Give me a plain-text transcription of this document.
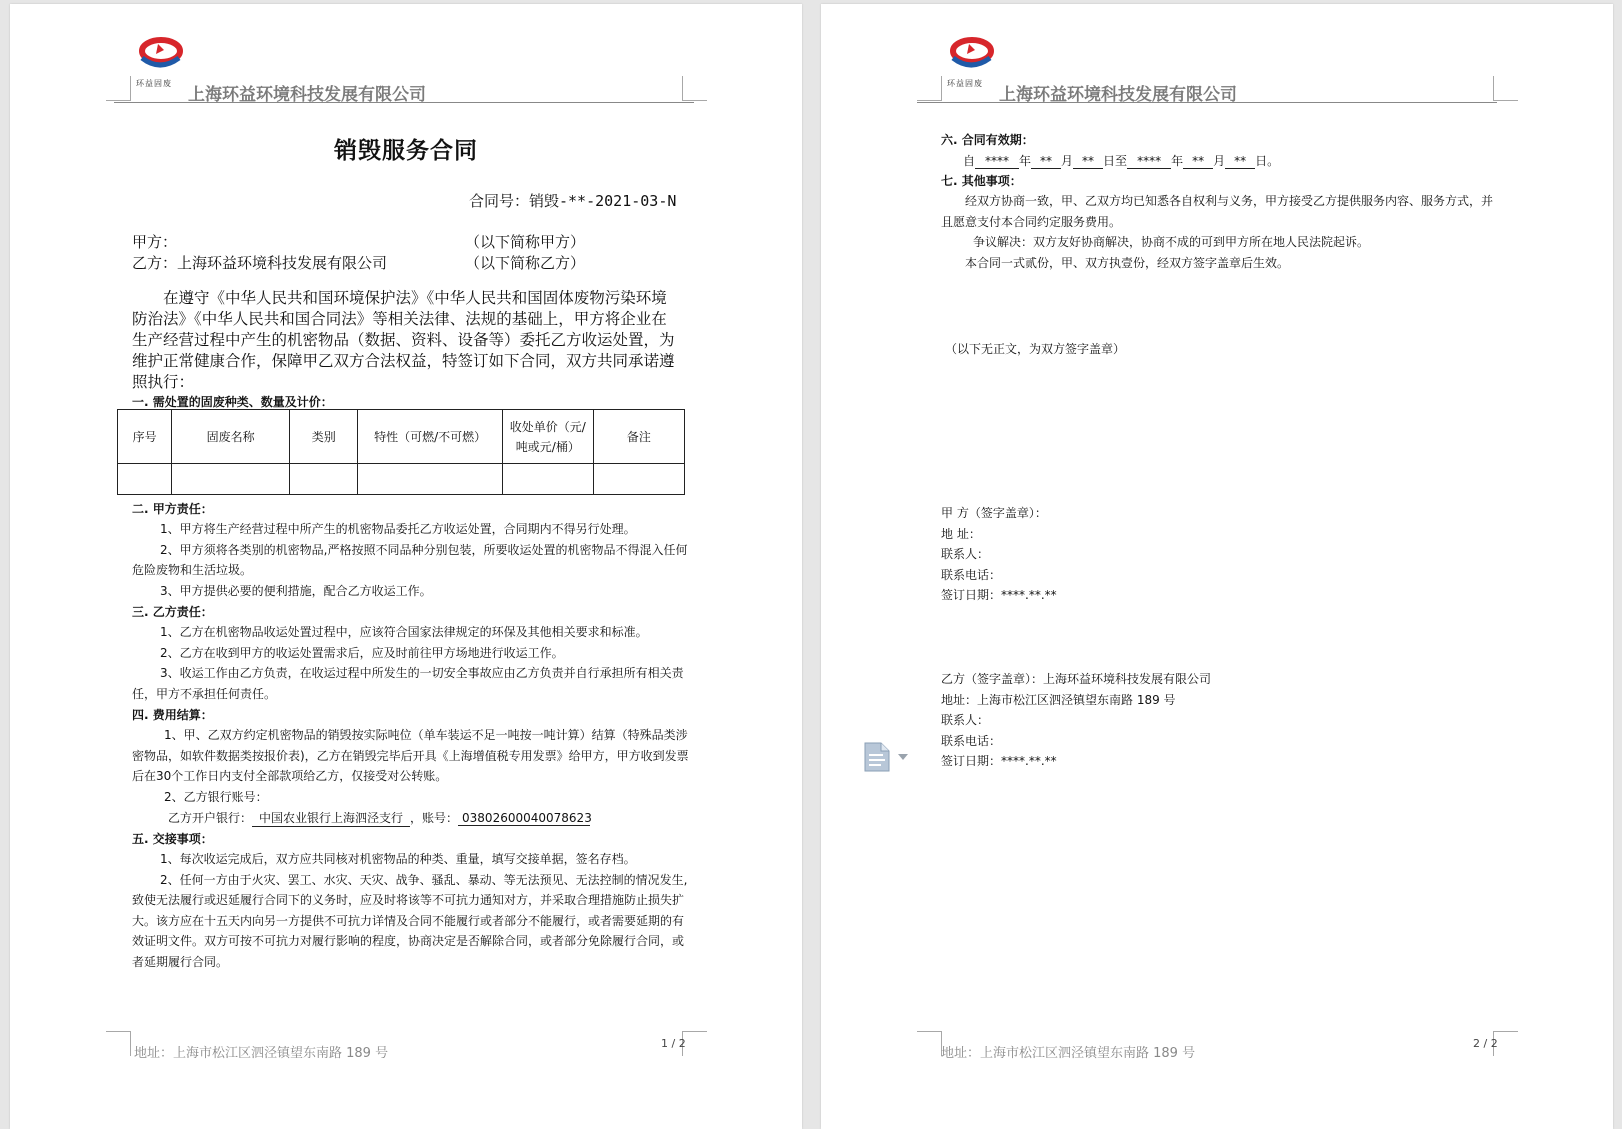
环益固废
上海环益环境科技发展有限公司
销毁服务合同
合同号：销毁-**-2021-03-N
甲方：	（以下简称甲方）
乙方：上海环益环境科技发展有限公司	（以下简称乙方）
在遵守《中华人民共和国环境保护法》《中华人民共和国固体废物污染环境
防治法》《中华人民共和国合同法》等相关法律、法规的基础上，甲方将企业在
生产经营过程中产生的机密物品（数据、资料、设备等）委托乙方收运处置，为
维护正常健康合作，保障甲乙双方合法权益，特签订如下合同，双方共同承诺遵
照执行：
一. 需处置的固废种类、数量及计价：
序号	固废名称	类别	特性（可燃/不可燃）	收处单价（元/
吨或元/桶）	备注

二. 甲方责任：
1、甲方将生产经营过程中所产生的机密物品委托乙方收运处置，合同期内不得另行处理。
2、甲方须将各类别的机密物品,严格按照不同品种分别包装，所要收运处置的机密物品不得混入任何
危险废物和生活垃圾。
3、甲方提供必要的便利措施，配合乙方收运工作。
三. 乙方责任：
1、乙方在机密物品收运处置过程中，应该符合国家法律规定的环保及其他相关要求和标准。
2、乙方在收到甲方的收运处置需求后，应及时前往甲方场地进行收运工作。
3、收运工作由乙方负责，在收运过程中所发生的一切安全事故应由乙方负责并自行承担所有相关责
任，甲方不承担任何责任。
四. 费用结算：
1、甲、乙双方约定机密物品的销毁按实际吨位（单车装运不足一吨按一吨计算）结算（特殊品类涉
密物品，如软件数据类按报价表)，乙方在销毁完毕后开具《上海增值税专用发票》给甲方，甲方收到发票
后在30个工作日内支付全部款项给乙方，仅接受对公转账。
2、乙方银行账号：
乙方开户银行： 中国农业银行上海泗泾支行 ，账号： 03802600040078623
五. 交接事项：
1、每次收运完成后，双方应共同核对机密物品的种类、重量，填写交接单据，签名存档。
2、任何一方由于火灾、罢工、水灾、天灾、战争、骚乱、暴动、等无法预见、无法控制的情况发生,
致使无法履行或迟延履行合同下的义务时，应及时将该等不可抗力通知对方，并采取合理措施防止损失扩
大。该方应在十五天内向另一方提供不可抗力详情及合同不能履行或者部分不能履行，或者需要延期的有
效证明文件。双方可按不可抗力对履行影响的程度，协商决定是否解除合同，或者部分免除履行合同，或
者延期履行合同。
地址：上海市松江区泗泾镇望东南路 189 号
1 / 2
环益固废
上海环益环境科技发展有限公司
六. 合同有效期：
自 **** 年 ** 月 ** 日至 **** 年 ** 月 ** 日。
七. 其他事项：
经双方协商一致，甲、乙双方均已知悉各自权利与义务，甲方接受乙方提供服务内容、服务方式，并
且愿意支付本合同约定服务费用。
争议解决：双方友好协商解决，协商不成的可到甲方所在地人民法院起诉。
本合同一式贰份，甲、双方执壹份，经双方签字盖章后生效。
（以下无正文，为双方签字盖章）
甲 方（签字盖章）：
地 址：
联系人：
联系电话：
签订日期：****.**.**
乙方（签字盖章）：上海环益环境科技发展有限公司
地址：上海市松江区泗泾镇望东南路 189 号
联系人：
联系电话：
签订日期：****.**.**
地址：上海市松江区泗泾镇望东南路 189 号
2 / 2
